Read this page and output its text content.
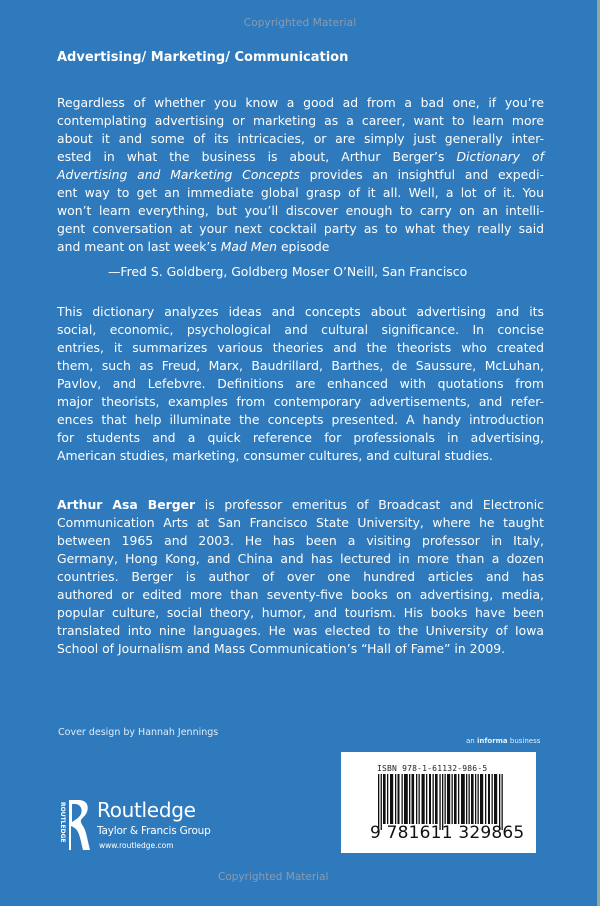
Copyrighted Material
Advertising/ Marketing/ Communication
Regardless of whether you know a good ad from a bad one, if you’re
contemplating advertising or marketing as a career, want to learn more
about it and some of its intricacies, or are simply just generally inter-
ested in what the business is about, Arthur Berger’s Dictionary of
Advertising and Marketing Concepts provides an insightful and expedi-
ent way to get an immediate global grasp of it all. Well, a lot of it. You
won’t learn everything, but you’ll discover enough to carry on an intelli-
gent conversation at your next cocktail party as to what they really said
and meant on last week’s Mad Men episode
—Fred S. Goldberg, Goldberg Moser O’Neill, San Francisco
This dictionary analyzes ideas and concepts about advertising and its
social, economic, psychological and cultural significance. In concise
entries, it summarizes various theories and the theorists who created
them, such as Freud, Marx, Baudrillard, Barthes, de Saussure, McLuhan,
Pavlov, and Lefebvre. Definitions are enhanced with quotations from
major theorists, examples from contemporary advertisements, and refer-
ences that help illuminate the concepts presented. A handy introduction
for students and a quick reference for professionals in advertising,
American studies, marketing, consumer cultures, and cultural studies.
Arthur Asa Berger is professor emeritus of Broadcast and Electronic
Communication Arts at San Francisco State University, where he taught
between 1965 and 2003. He has been a visiting professor in Italy,
Germany, Hong Kong, and China and has lectured in more than a dozen
countries. Berger is author of over one hundred articles and has
authored or edited more than seventy-five books on advertising, media,
popular culture, social theory, humor, and tourism. His books have been
translated into nine languages. He was elected to the University of Iowa
School of Journalism and Mass Communication’s “Hall of Fame” in 2009.
Cover design by Hannah Jennings
an informa business
ISBN 978-1-61132-986-5
9 781611 329865
ROUTLEDGE Routledge
Taylor & Francis Group
www.routledge.com
Copyrighted Material
